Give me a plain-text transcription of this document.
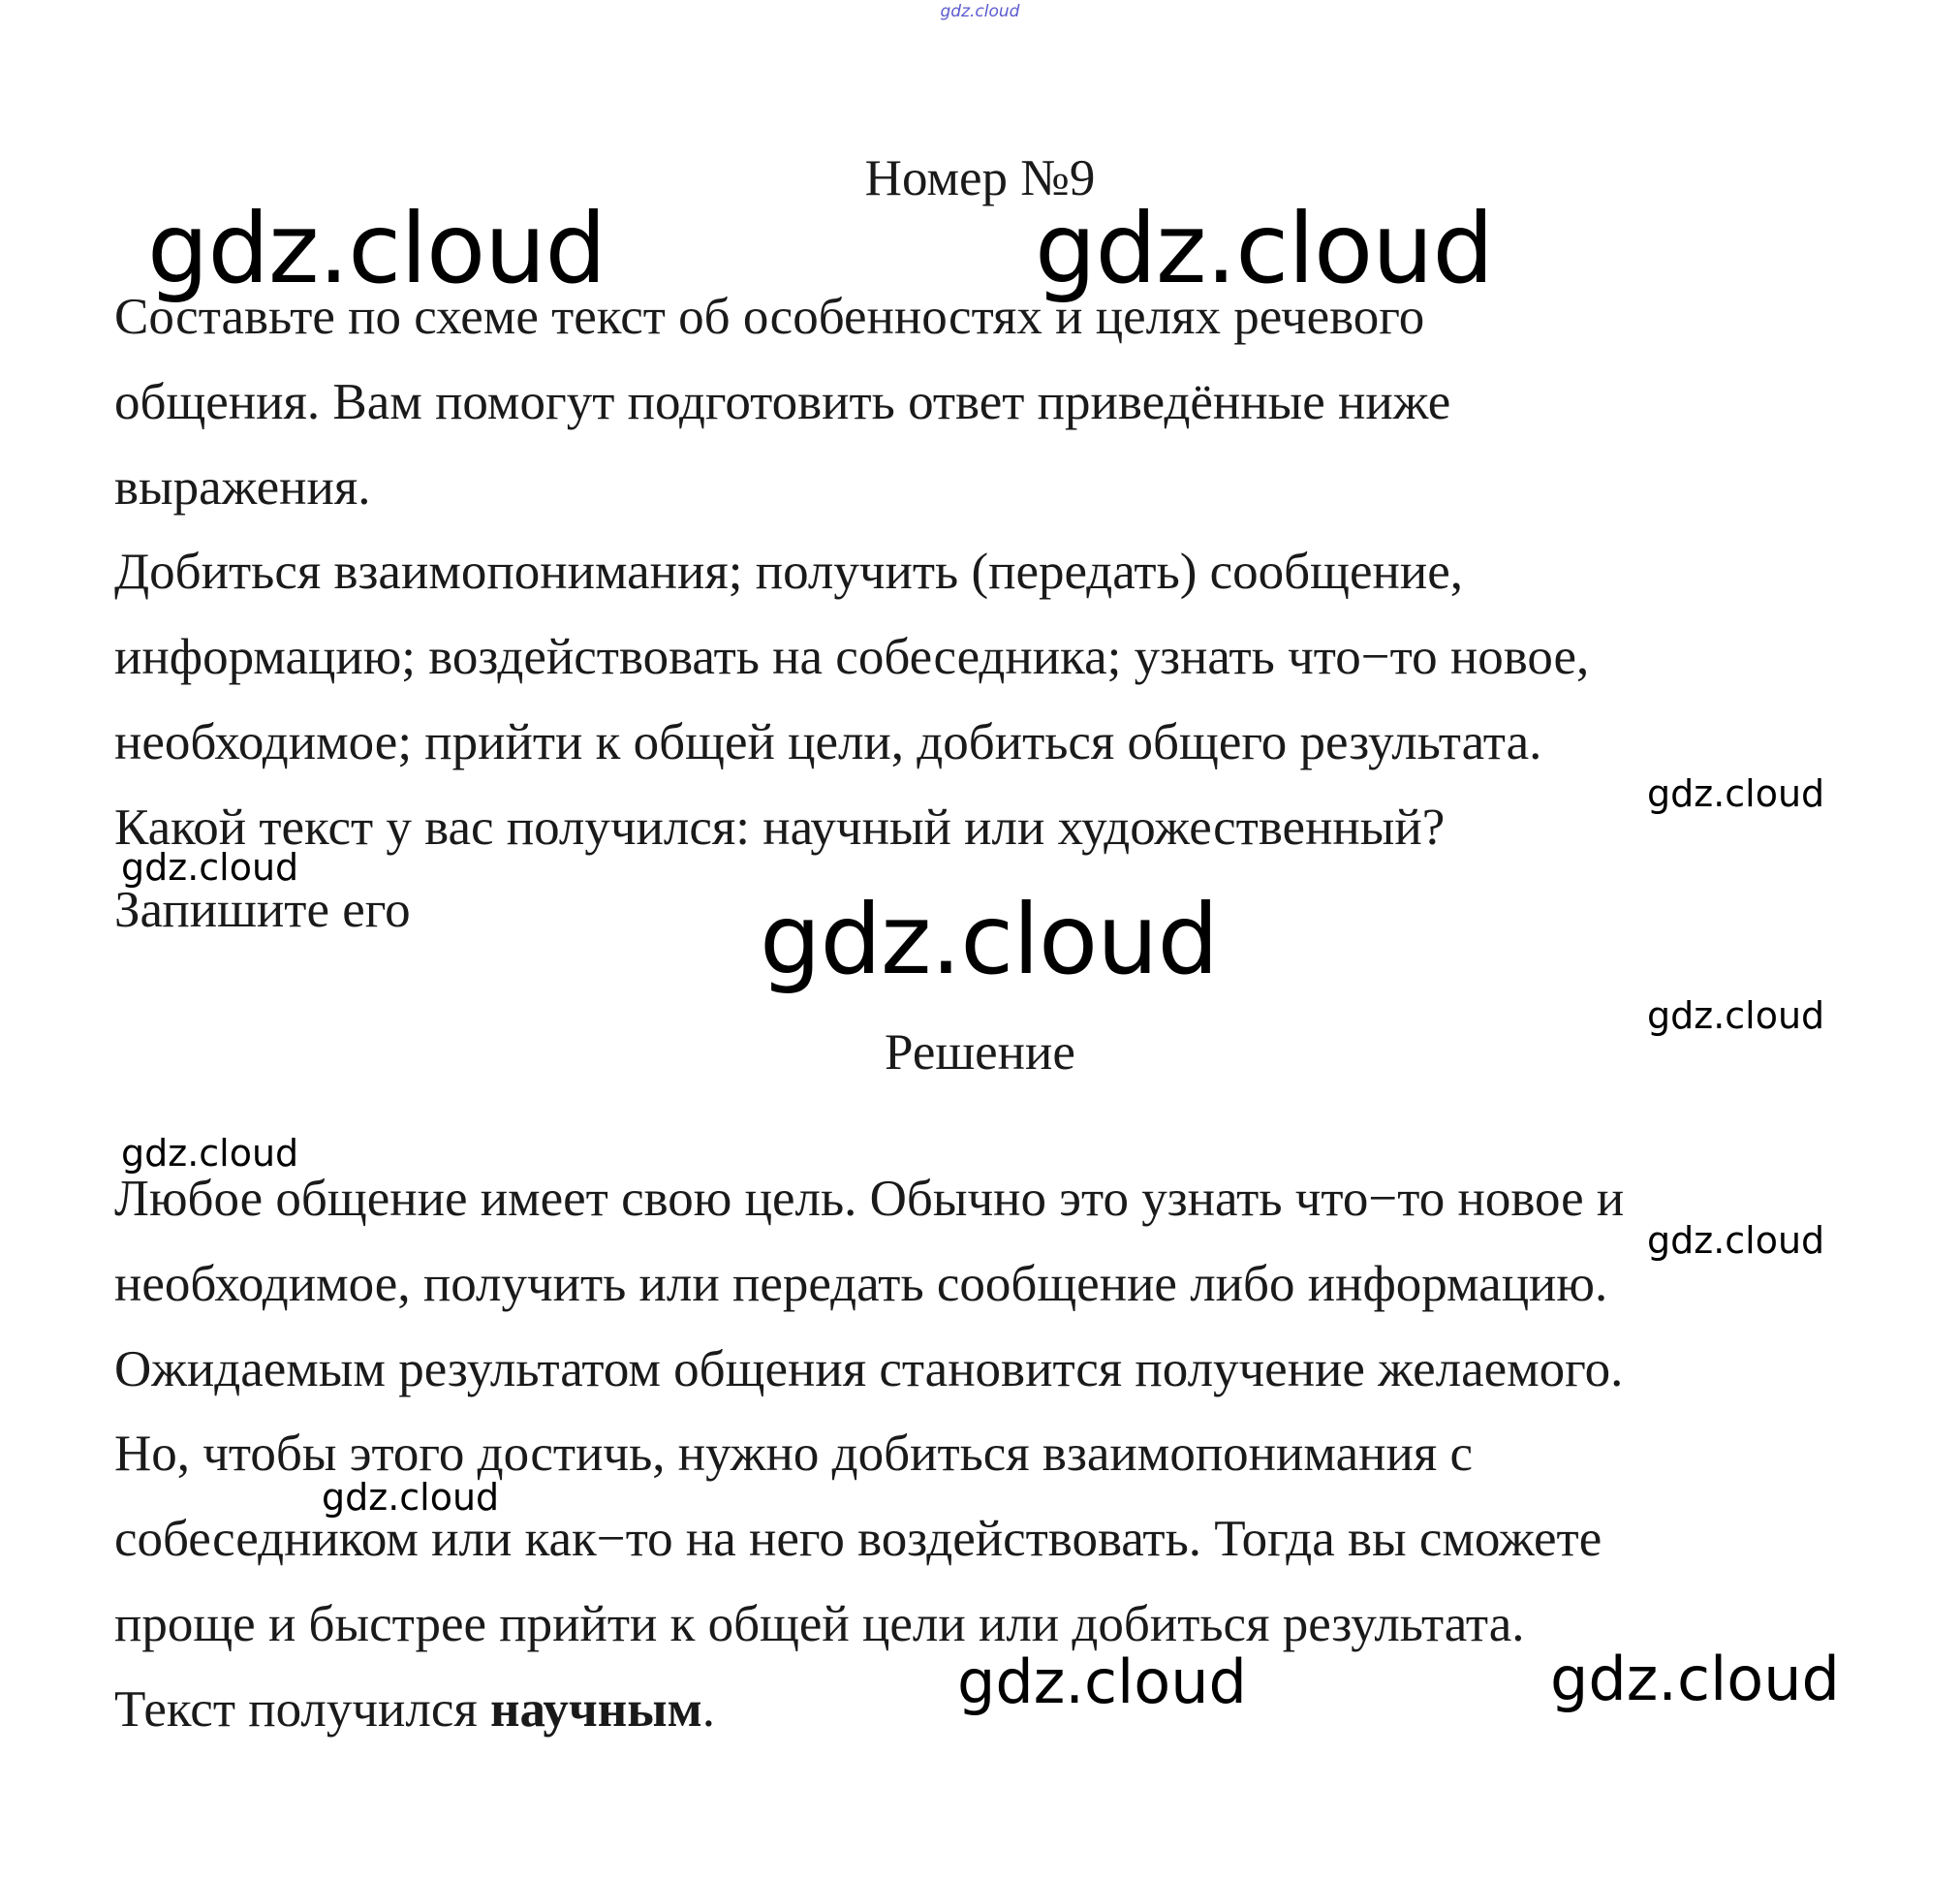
gdz.cloud
Номер №9
Составьте по схеме текст об особенностях и целях речевого
общения. Вам помогут подготовить ответ приведённые ниже
выражения.
Добиться взаимопонимания; получить (передать) сообщение,
информацию; воздействовать на собеседника; узнать что−то новое,
необходимое; прийти к общей цели, добиться общего результата.
Какой текст у вас получился: научный или художественный?
Запишите его
Решение
Любое общение имеет свою цель. Обычно это узнать что−то новое и
необходимое, получить или передать сообщение либо информацию.
Ожидаемым результатом общения становится получение желаемого.
Но, чтобы этого достичь, нужно добиться взаимопонимания с
собеседником или как−то на него воздействовать. Тогда вы сможете
проще и быстрее прийти к общей цели или добиться результата.
Текст получился научным.
gdz.cloud	gdz.cloud
gdz.cloud
gdz.cloud
gdz.cloud
gdz.cloud
gdz.cloud
gdz.cloud
gdz.cloud
gdz.cloud	gdz.cloud
